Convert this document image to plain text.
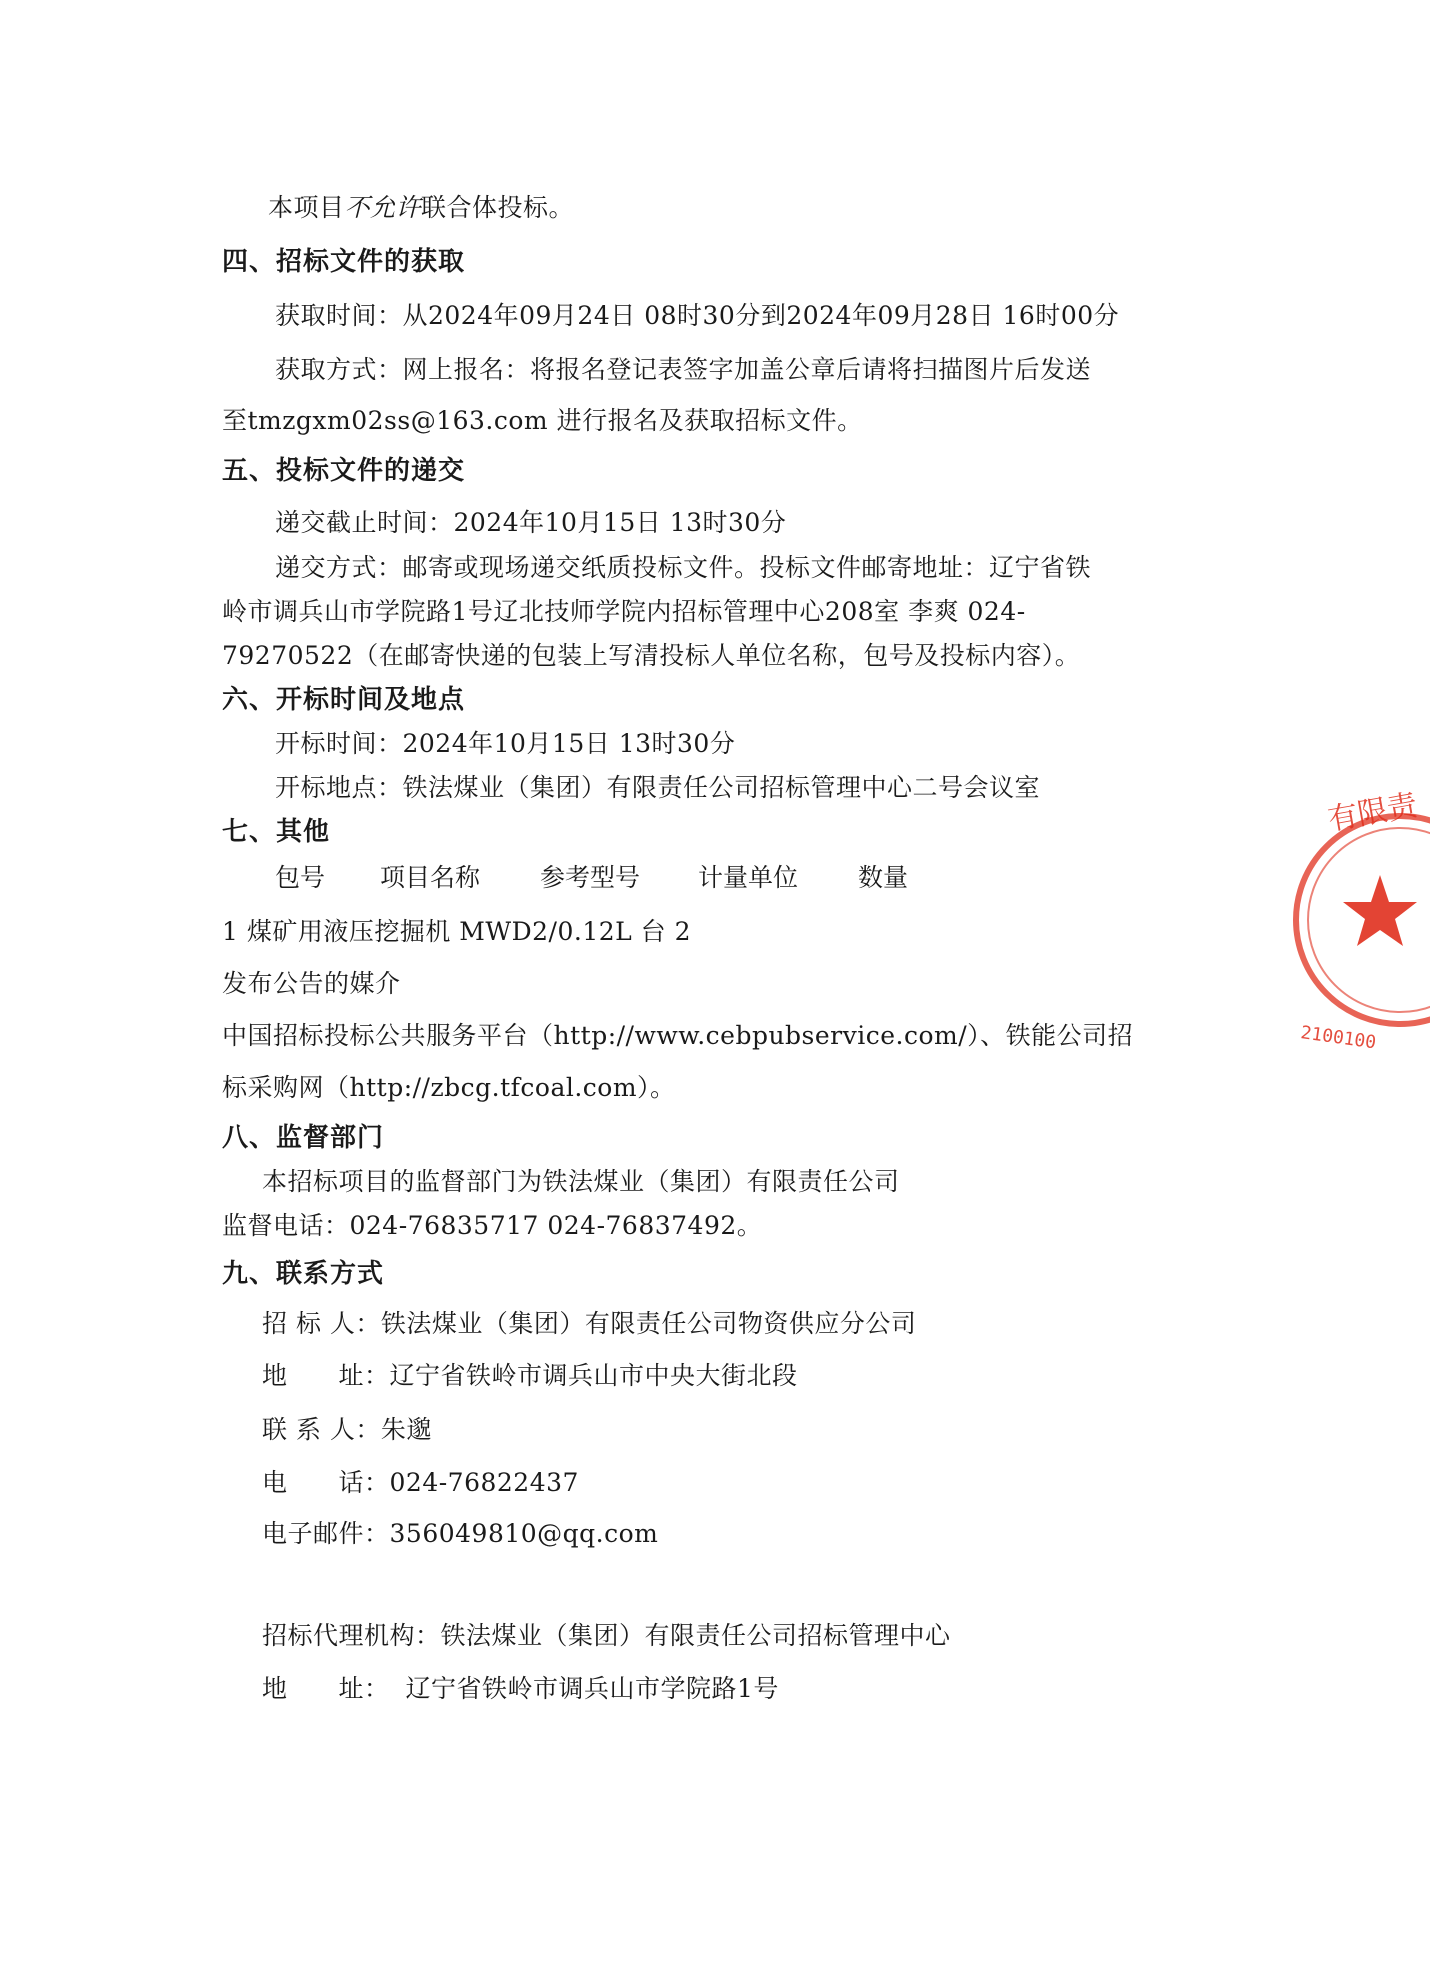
本项目不允许联合体投标。
四、招标文件的获取
获取时间：从2024年09月24日 08时30分到2024年09月28日 16时00分
获取方式：网上报名：将报名登记表签字加盖公章后请将扫描图片后发送
至tmzgxm02ss@163.com 进行报名及获取招标文件。
五、投标文件的递交
递交截止时间：2024年10月15日 13时30分
递交方式：邮寄或现场递交纸质投标文件。投标文件邮寄地址：辽宁省铁
岭市调兵山市学院路1号辽北技师学院内招标管理中心208室 李爽 024-
79270522（在邮寄快递的包装上写清投标人单位名称，包号及投标内容）。
六、开标时间及地点
开标时间：2024年10月15日 13时30分
开标地点：铁法煤业（集团）有限责任公司招标管理中心二号会议室
七、其他
包号 项目名称 参考型号 计量单位 数量
1 煤矿用液压挖掘机 MWD2/0.12L 台 2
发布公告的媒介
中国招标投标公共服务平台（http://www.cebpubservice.com/）、铁能公司招
标采购网（http://zbcg.tfcoal.com）。
八、监督部门
本招标项目的监督部门为铁法煤业（集团）有限责任公司
监督电话：024-76835717 024-76837492。
九、联系方式
招 标 人：铁法煤业（集团）有限责任公司物资供应分公司
地　　址：辽宁省铁岭市调兵山市中央大街北段
联 系 人：朱邈
电　　话：024-76822437
电子邮件：356049810@qq.com
招标代理机构：铁法煤业（集团）有限责任公司招标管理中心
地　　址： 辽宁省铁岭市调兵山市学院路1号
有限责
2100100
